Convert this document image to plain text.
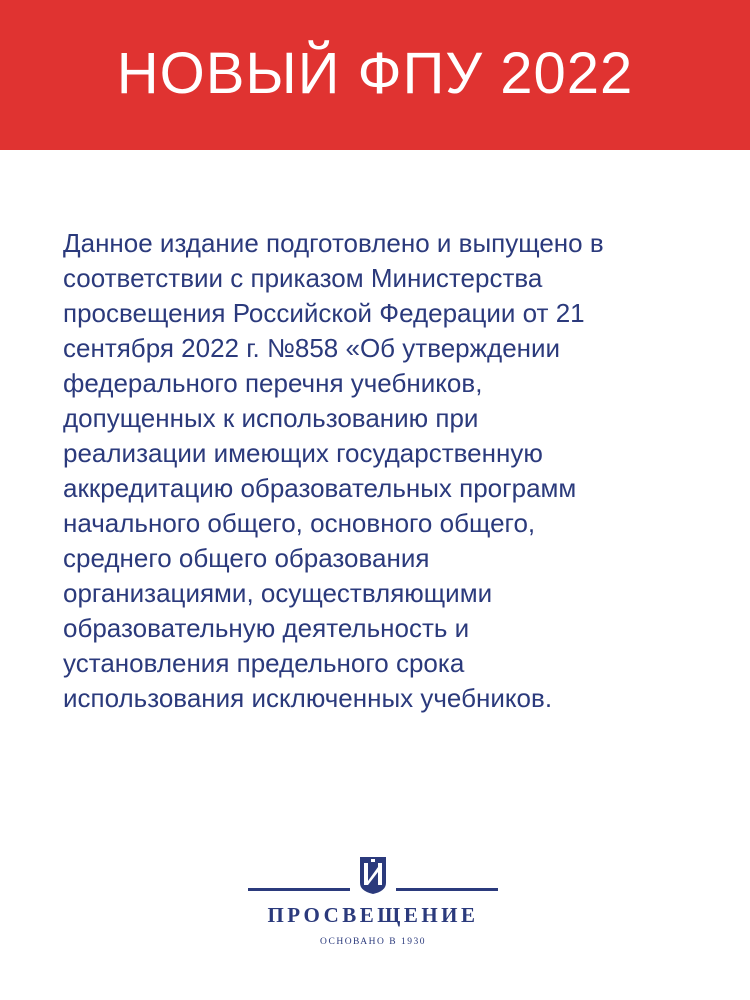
НОВЫЙ ФПУ 2022

Данное издание подготовлено и выпущено в
соответствии с приказом Министерства
просвещения Российской Федерации от 21
сентября 2022 г. №858 «Об утверждении
федерального перечня учебников,
допущенных к использованию при
реализации имеющих государственную
аккредитацию образовательных программ
начального общего, основного общего,
среднего общего образования
организациями, осуществляющими
образовательную деятельность и
установления предельного срока
использования исключенных учебников.

ПРОСВЕЩЕНИЕ
ОСНОВАНО В 1930
